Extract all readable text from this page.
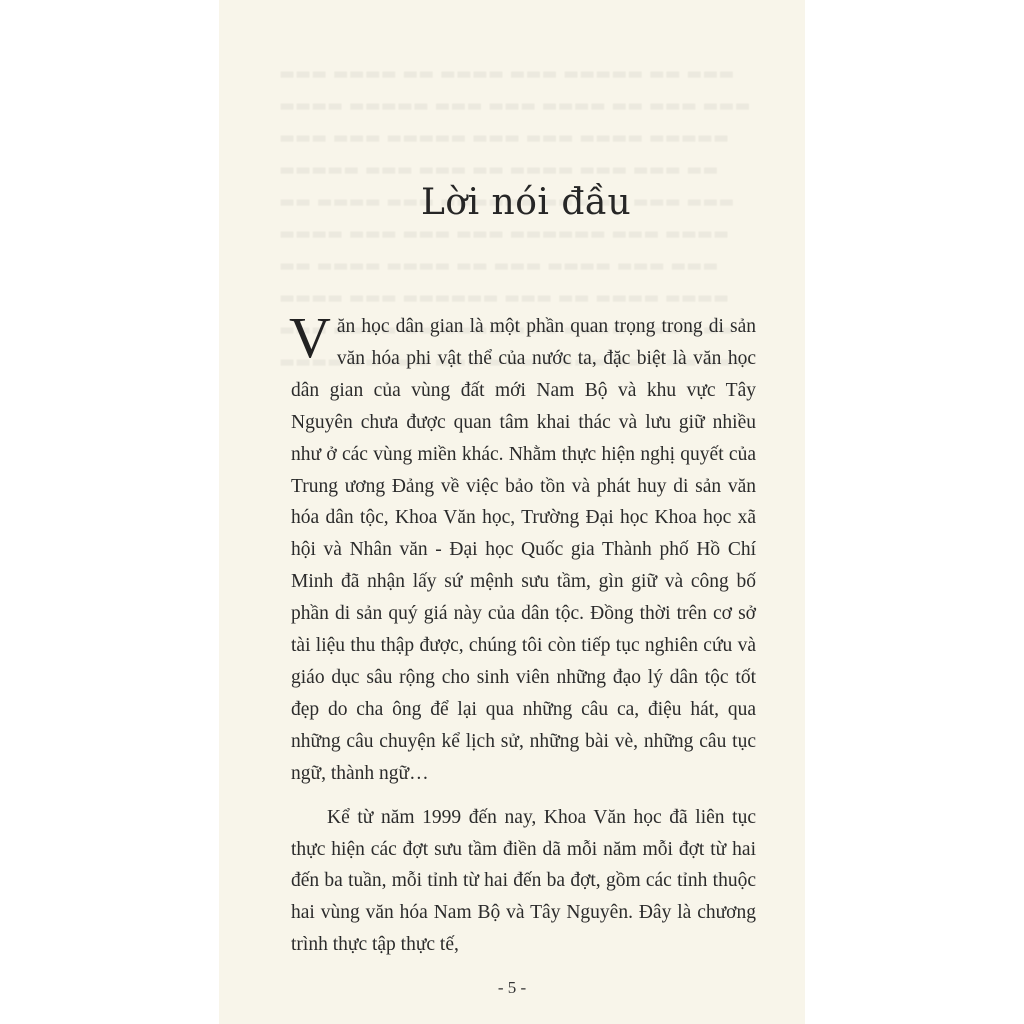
Lời nói đầu

Văn học dân gian là một phần quan trọng trong di sản văn hóa phi vật thể của nước ta, đặc biệt là văn học dân gian của vùng đất mới Nam Bộ và khu vực Tây Nguyên chưa được quan tâm khai thác và lưu giữ nhiều như ở các vùng miền khác. Nhằm thực hiện nghị quyết của Trung ương Đảng về việc bảo tồn và phát huy di sản văn hóa dân tộc, Khoa Văn học, Trường Đại học Khoa học xã hội và Nhân văn - Đại học Quốc gia Thành phố Hồ Chí Minh đã nhận lấy sứ mệnh sưu tầm, gìn giữ và công bố phần di sản quý giá này của dân tộc. Đồng thời trên cơ sở tài liệu thu thập được, chúng tôi còn tiếp tục nghiên cứu và giáo dục sâu rộng cho sinh viên những đạo lý dân tộc tốt đẹp do cha ông để lại qua những câu ca, điệu hát, qua những câu chuyện kể lịch sử, những bài vè, những câu tục ngữ, thành ngữ…

Kể từ năm 1999 đến nay, Khoa Văn học đã liên tục thực hiện các đợt sưu tầm điền dã mỗi năm mỗi đợt từ hai đến ba tuần, mỗi tỉnh từ hai đến ba đợt, gồm các tỉnh thuộc hai vùng văn hóa Nam Bộ và Tây Nguyên. Đây là chương trình thực tập thực tế,

- 5 -
